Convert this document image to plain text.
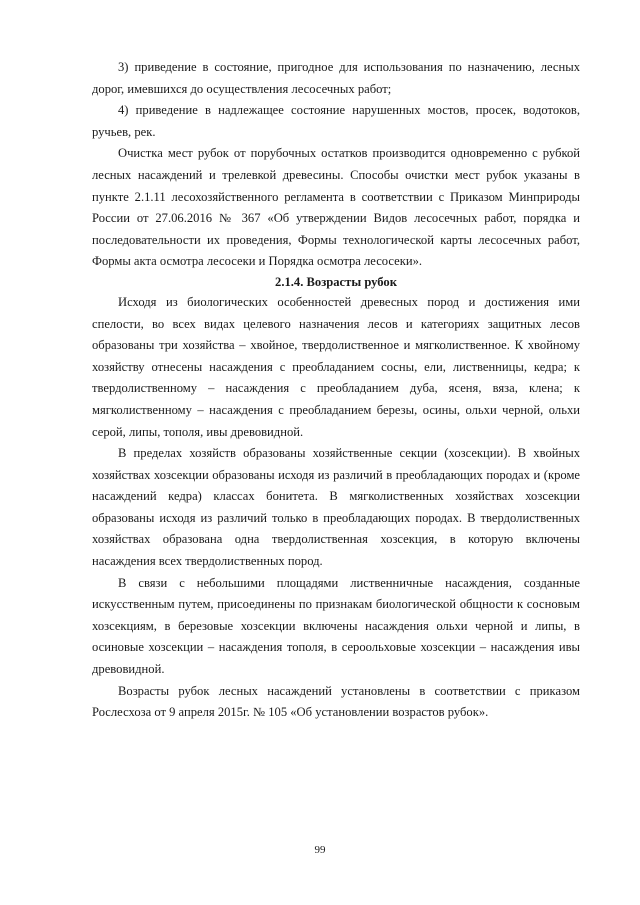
3) приведение в состояние, пригодное для использования по назначению, лесных дорог, имевшихся до осуществления лесосечных работ;

4) приведение в надлежащее состояние нарушенных мостов, просек, водотоков, ручьев, рек.

Очистка мест рубок от порубочных остатков производится одновременно с рубкой лесных насаждений и трелевкой древесины. Способы очистки мест рубок указаны в пункте 2.1.11 лесохозяйственного регламента в соответствии с Приказом Минприроды России от 27.06.2016 № 367 «Об утверждении Видов лесосечных работ, порядка и последовательности их проведения, Формы технологической карты лесосечных работ, Формы акта осмотра лесосеки и Порядка осмотра лесосеки».

2.1.4. Возрасты рубок

Исходя из биологических особенностей древесных пород и достижения ими спелости, во всех видах целевого назначения лесов и категориях защитных лесов образованы три хозяйства – хвойное, твердолиственное и мягколиственное. К хвойному хозяйству отнесены насаждения с преобладанием сосны, ели, лиственницы, кедра; к твердолиственному – насаждения с преобладанием дуба, ясеня, вяза, клена; к мягколиственному – насаждения с преобладанием березы, осины, ольхи черной, ольхи серой, липы, тополя, ивы древовидной.

В пределах хозяйств образованы хозяйственные секции (хозсекции). В хвойных хозяйствах хозсекции образованы исходя из различий в преобладающих породах и (кроме насаждений кедра) классах бонитета. В мягколиственных хозяйствах хозсекции образованы исходя из различий только в преобладающих породах. В твердолиственных хозяйствах образована одна твердолиственная хозсекция, в которую включены насаждения всех твердолиственных пород.

В связи с небольшими площадями лиственничные насаждения, созданные искусственным путем, присоединены по признакам биологической общности к сосновым хозсекциям, в березовые хозсекции включены насаждения ольхи черной и липы, в осиновые хозсекции – насаждения тополя, в сероольховые хозсекции – насаждения ивы древовидной.

Возрасты рубок лесных насаждений установлены в соответствии с приказом Рослесхоза от 9 апреля 2015г. № 105 «Об установлении возрастов рубок».

99
